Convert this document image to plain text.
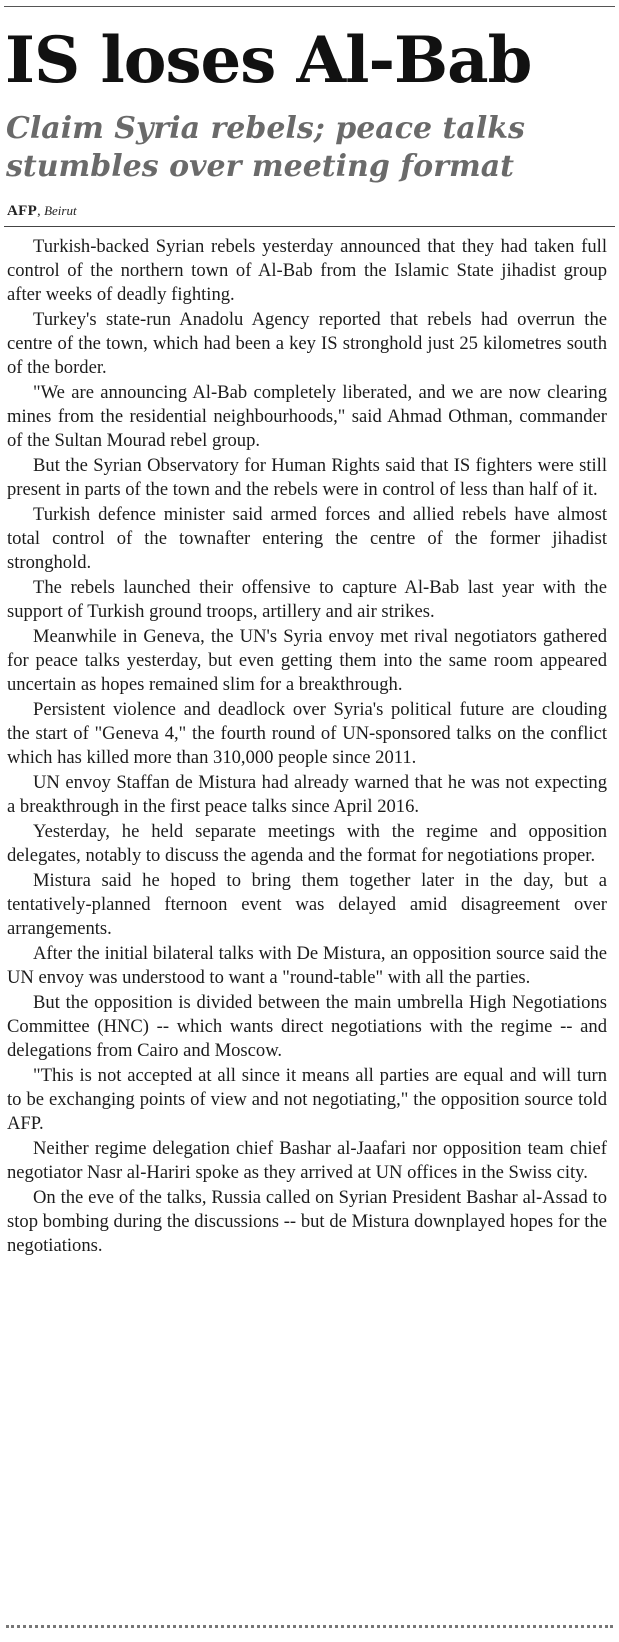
IS loses Al-Bab
Claim Syria rebels; peace talks stumbles over meeting format
AFP, Beirut

Turkish-backed Syrian rebels yesterday announced that they had taken full control of the northern town of Al-Bab from the Islamic State jihadist group after weeks of deadly fighting.

Turkey's state-run Anadolu Agency reported that rebels had overrun the centre of the town, which had been a key IS stronghold just 25 kilometres south of the border.

"We are announcing Al-Bab completely liberated, and we are now clearing mines from the residential neighbourhoods," said Ahmad Othman, commander of the Sultan Mourad rebel group.

But the Syrian Observatory for Human Rights said that IS fighters were still present in parts of the town and the rebels were in control of less than half of it.

Turkish defence minister said armed forces and allied rebels have almost total control of the townafter entering the centre of the former jihadist stronghold.

The rebels launched their offensive to capture Al-Bab last year with the support of Turkish ground troops, artillery and air strikes.

Meanwhile in Geneva, the UN's Syria envoy met rival negotiators gathered for peace talks yesterday, but even getting them into the same room appeared uncertain as hopes remained slim for a breakthrough.

Persistent violence and deadlock over Syria's political future are clouding the start of "Geneva 4," the fourth round of UN-sponsored talks on the conflict which has killed more than 310,000 people since 2011.

UN envoy Staffan de Mistura had already warned that he was not expecting a breakthrough in the first peace talks since April 2016.

Yesterday, he held separate meetings with the regime and opposition delegates, notably to discuss the agenda and the format for negotiations proper.

Mistura said he hoped to bring them together later in the day, but a tentatively-planned fternoon event was delayed amid disagreement over arrangements.

After the initial bilateral talks with De Mistura, an opposition source said the UN envoy was understood to want a "round-table" with all the parties.

But the opposition is divided between the main umbrella High Negotiations Committee (HNC) -- which wants direct negotiations with the regime -- and delegations from Cairo and Moscow.

"This is not accepted at all since it means all parties are equal and will turn to be exchanging points of view and not negotiating," the opposition source told AFP.

Neither regime delegation chief Bashar al-Jaafari nor opposition team chief negotiator Nasr al-Hariri spoke as they arrived at UN offices in the Swiss city.

On the eve of the talks, Russia called on Syrian President Bashar al-Assad to stop bombing during the discussions -- but de Mistura downplayed hopes for the negotiations.
